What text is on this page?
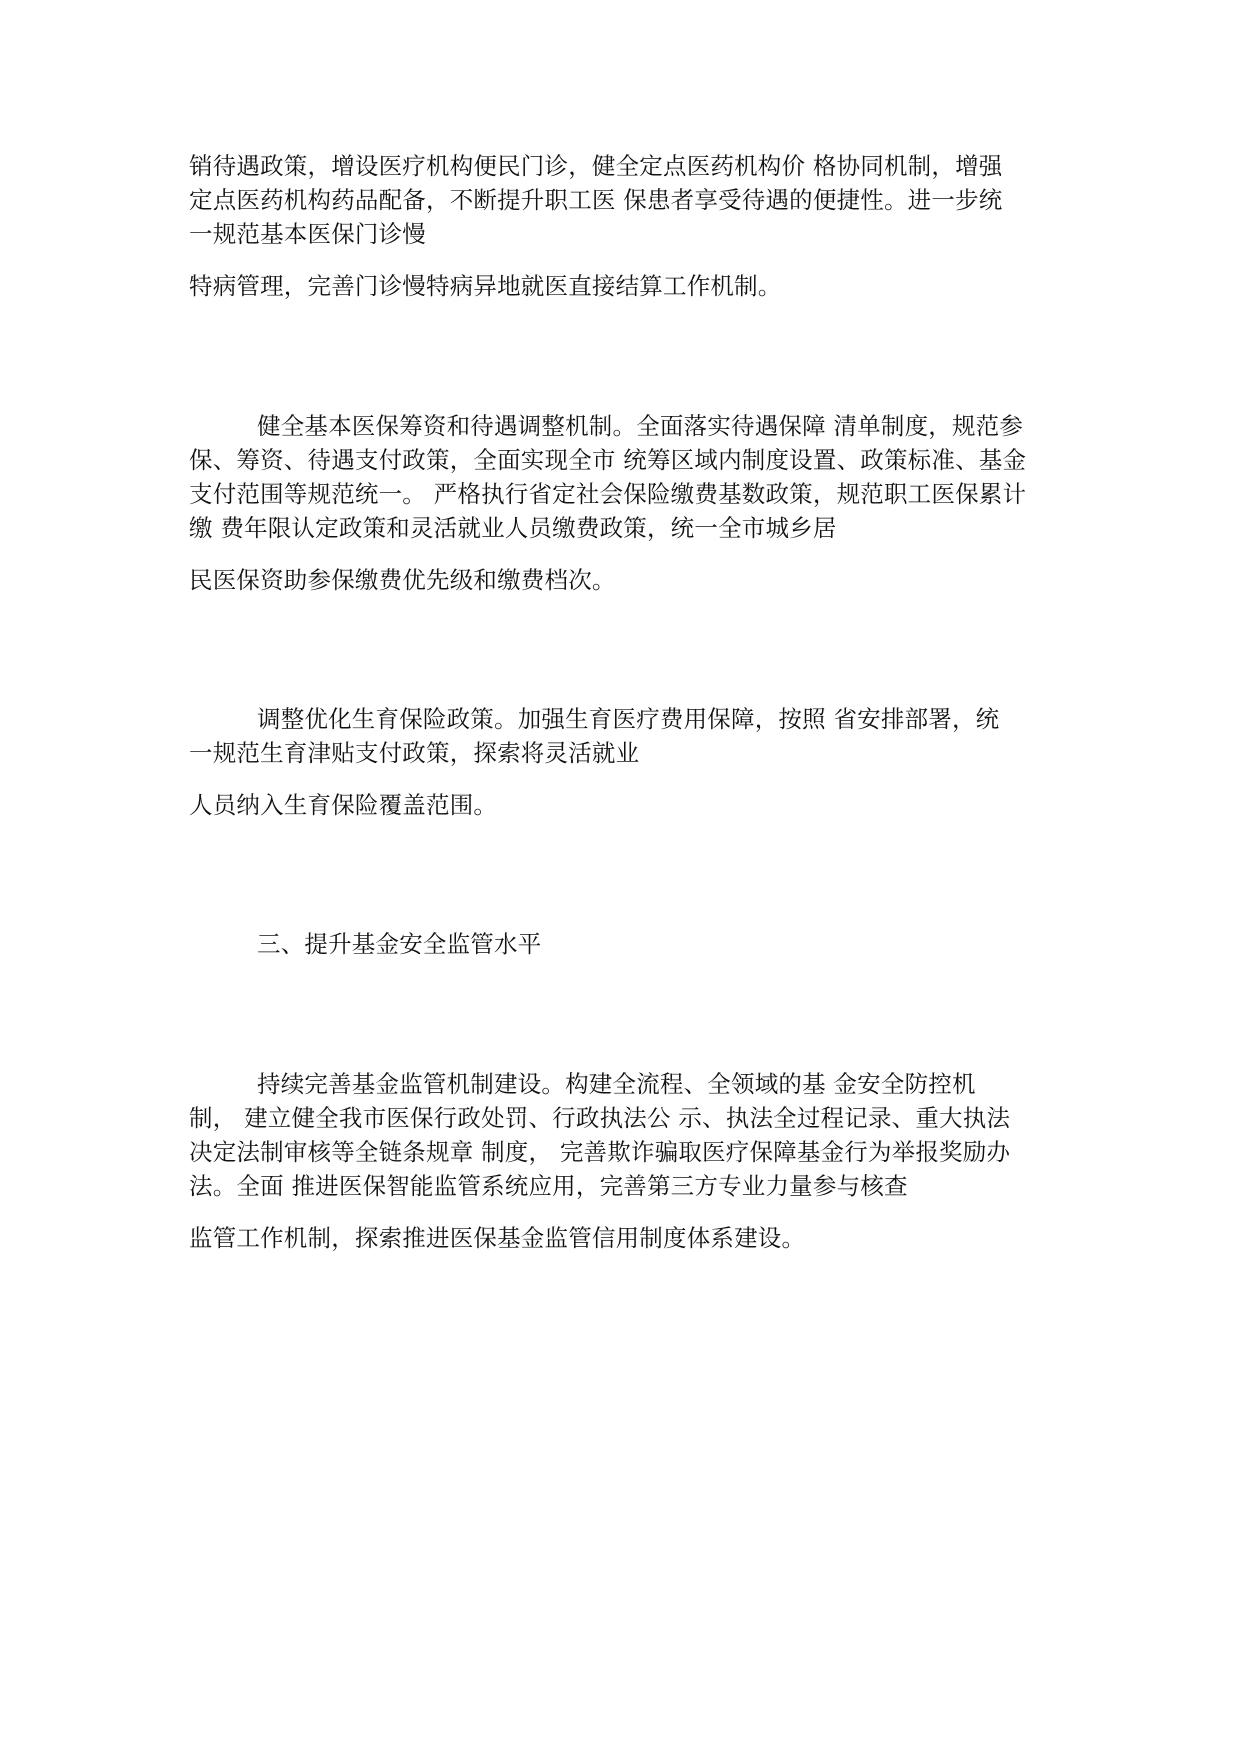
销待遇政策，增设医疗机构便民门诊，健全定点医药机构价 格协同机制，增强
定点医药机构药品配备，不断提升职工医 保患者享受待遇的便捷性。进一步统
一规范基本医保门诊慢
特病管理，完善门诊慢特病异地就医直接结算工作机制。
健全基本医保筹资和待遇调整机制。全面落实待遇保障 清单制度，规范参
保、筹资、待遇支付政策，全面实现全市 统筹区域内制度设置、政策标准、基金
支付范围等规范统一。 严格执行省定社会保险缴费基数政策，规范职工医保累计
缴 费年限认定政策和灵活就业人员缴费政策，统一全市城乡居
民医保资助参保缴费优先级和缴费档次。
调整优化生育保险政策。加强生育医疗费用保障，按照 省安排部署，统
一规范生育津贴支付政策，探索将灵活就业
人员纳入生育保险覆盖范围。
三、提升基金安全监管水平
持续完善基金监管机制建设。构建全流程、全领域的基 金安全防控机
制， 建立健全我市医保行政处罚、行政执法公 示、执法全过程记录、重大执法
决定法制审核等全链条规章 制度， 完善欺诈骗取医疗保障基金行为举报奖励办
法。全面 推进医保智能监管系统应用，完善第三方专业力量参与核查
监管工作机制，探索推进医保基金监管信用制度体系建设。
